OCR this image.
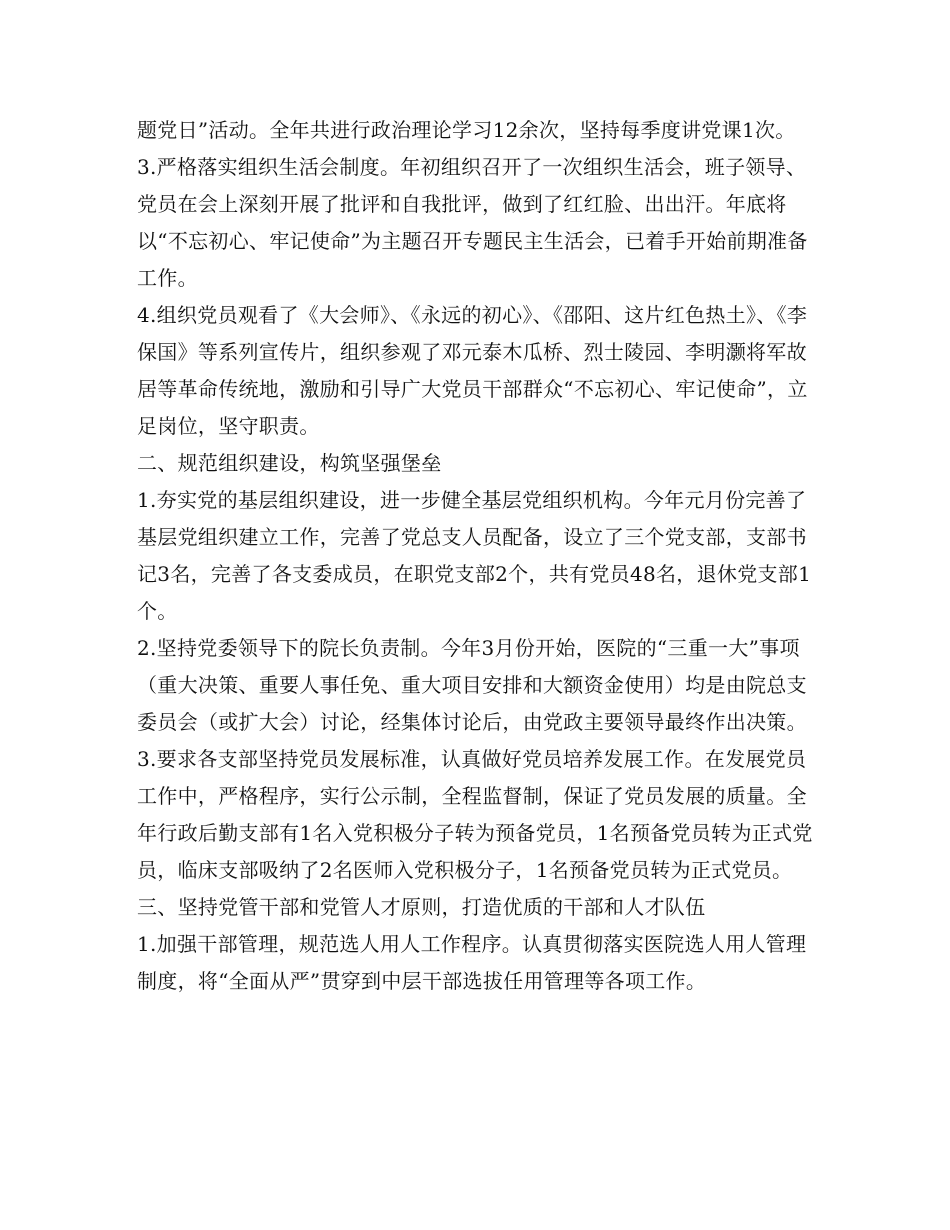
题党日”活动。全年共进行政治理论学习12余次，坚持每季度讲党课1次。

3.严格落实组织生活会制度。年初组织召开了一次组织生活会，班子领导、党员在会上深刻开展了批评和自我批评，做到了红红脸、出出汗。年底将以“不忘初心、牢记使命”为主题召开专题民主生活会，已着手开始前期准备工作。

4.组织党员观看了《大会师》、《永远的初心》、《邵阳、这片红色热土》、《李保国》等系列宣传片，组织参观了邓元泰木瓜桥、烈士陵园、李明灏将军故居等革命传统地，激励和引导广大党员干部群众“不忘初心、牢记使命”，立足岗位，坚守职责。

二、规范组织建设，构筑坚强堡垒

1.夯实党的基层组织建设，进一步健全基层党组织机构。今年元月份完善了基层党组织建立工作，完善了党总支人员配备，设立了三个党支部，支部书记3名，完善了各支委成员，在职党支部2个，共有党员48名，退休党支部1个。

2.坚持党委领导下的院长负责制。今年3月份开始，医院的“三重一大”事项（重大决策、重要人事任免、重大项目安排和大额资金使用）均是由院总支委员会（或扩大会）讨论，经集体讨论后，由党政主要领导最终作出决策。

3.要求各支部坚持党员发展标准，认真做好党员培养发展工作。在发展党员工作中，严格程序，实行公示制，全程监督制，保证了党员发展的质量。全年行政后勤支部有1名入党积极分子转为预备党员，1名预备党员转为正式党员，临床支部吸纳了2名医师入党积极分子，1名预备党员转为正式党员。

三、坚持党管干部和党管人才原则，打造优质的干部和人才队伍

1.加强干部管理，规范选人用人工作程序。认真贯彻落实医院选人用人管理制度，将“全面从严”贯穿到中层干部选拔任用管理等各项工作。
